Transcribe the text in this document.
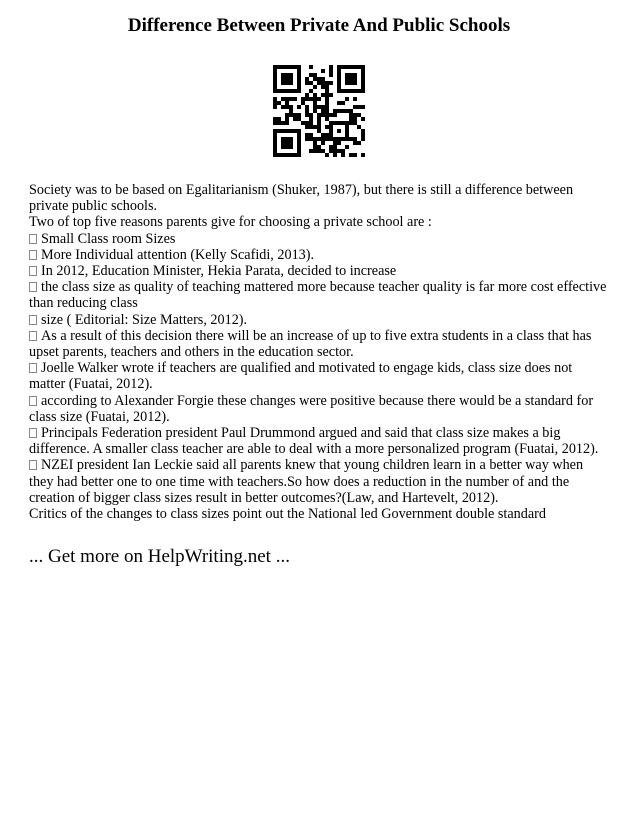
Difference Between Private And Public Schools

Society was to be based on Egalitarianism (Shuker, 1987), but there is still a difference between private public schools.

Two of top five reasons parents give for choosing a private school are :

Small Class room Sizes

More Individual attention (Kelly Scafidi, 2013).

In 2012, Education Minister, Hekia Parata, decided to increase

the class size as quality of teaching mattered more because teacher quality is far more cost effective than reducing class

size ( Editorial: Size Matters, 2012).

As a result of this decision there will be an increase of up to five extra students in a class that has upset parents, teachers and others in the education sector.

Joelle Walker wrote if teachers are qualified and motivated to engage kids, class size does not matter (Fuatai, 2012).

according to Alexander Forgie these changes were positive because there would be a standard for class size (Fuatai, 2012).

Principals Federation president Paul Drummond argued and said that class size makes a big difference. A smaller class teacher are able to deal with a more personalized program (Fuatai, 2012).

NZEI president Ian Leckie said all parents knew that young children learn in a better way when they had better one to one time with teachers.So how does a reduction in the number of and the creation of bigger class sizes result in better outcomes?(Law, and Hartevelt, 2012).

Critics of the changes to class sizes point out the National led Government double standard

... Get more on HelpWriting.net ...
